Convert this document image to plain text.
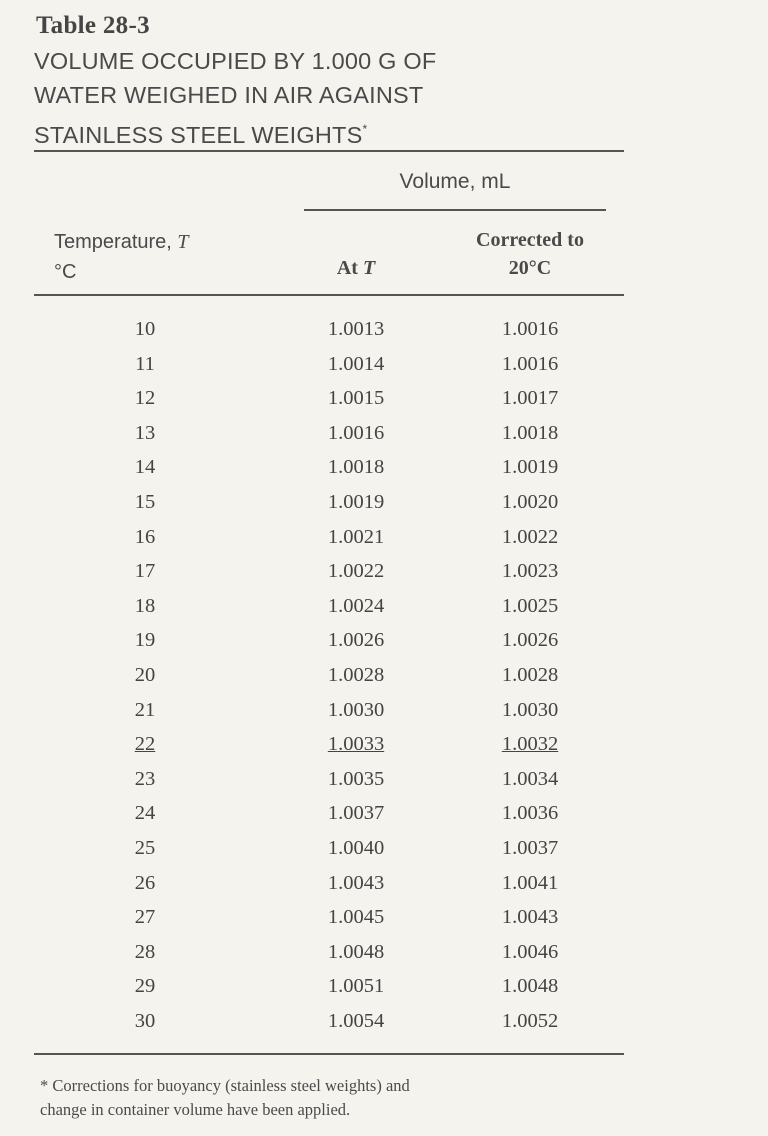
Table 28-3
VOLUME OCCUPIED BY 1.000 G OF
WATER WEIGHED IN AIR AGAINST
STAINLESS STEEL WEIGHTS*
Volume, mL
Temperature, T
°C	At T
Corrected to
20°C
10	1.0013	1.0016
11	1.0014	1.0016
12	1.0015	1.0017
13	1.0016	1.0018
14	1.0018	1.0019
15	1.0019	1.0020
16	1.0021	1.0022
17	1.0022	1.0023
18	1.0024	1.0025
19	1.0026	1.0026
20	1.0028	1.0028
21	1.0030	1.0030
22	1.0033	1.0032
23	1.0035	1.0034
24	1.0037	1.0036
25	1.0040	1.0037
26	1.0043	1.0041
27	1.0045	1.0043
28	1.0048	1.0046
29	1.0051	1.0048
30	1.0054	1.0052
* Corrections for buoyancy (stainless steel weights) and
change in container volume have been applied.
